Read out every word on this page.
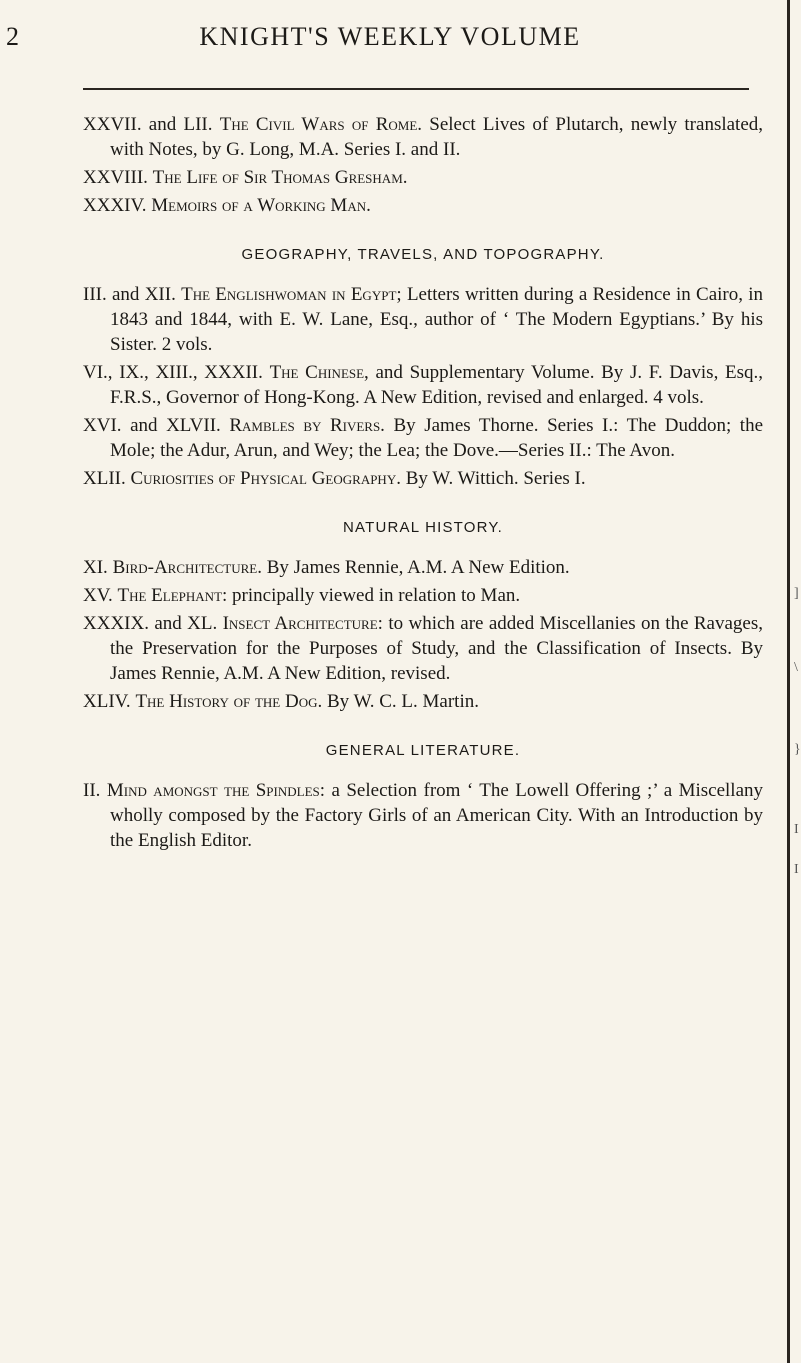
]
\
}
I
I
2	KNIGHT'S WEEKLY VOLUME
XXVII. and LII. The Civil Wars of Rome. Select Lives of Plutarch, newly translated, with Notes, by G. Long, M.A. Series I. and II.
XXVIII. The Life of Sir Thomas Gresham.
XXXIV. Memoirs of a Working Man.
GEOGRAPHY, TRAVELS, AND TOPOGRAPHY.
III. and XII. The Englishwoman in Egypt; Letters written during a Residence in Cairo, in 1843 and 1844, with E. W. Lane, Esq., author of ‘ The Modern Egyptians.’ By his Sister. 2 vols.
VI., IX., XIII., XXXII. The Chinese, and Supplementary Volume. By J. F. Davis, Esq., F.R.S., Governor of Hong-Kong. A New Edition, revised and enlarged. 4 vols.
XVI. and XLVII. Rambles by Rivers. By James Thorne. Series I.: The Duddon; the Mole; the Adur, Arun, and Wey; the Lea; the Dove.—Series II.: The Avon.
XLII. Curiosities of Physical Geography. By W. Wittich. Series I.
NATURAL HISTORY.
XI. Bird-Architecture. By James Rennie, A.M. A New Edition.
XV. The Elephant: principally viewed in relation to Man.
XXXIX. and XL. Insect Architecture: to which are added Miscellanies on the Ravages, the Preservation for the Purposes of Study, and the Classification of Insects. By James Rennie, A.M. A New Edition, revised.
XLIV. The History of the Dog. By W. C. L. Martin.
GENERAL LITERATURE.
II. Mind amongst the Spindles: a Selection from ‘ The Lowell Offering ;’ a Miscellany wholly composed by the Factory Girls of an American City. With an Introduction by the English Editor.
